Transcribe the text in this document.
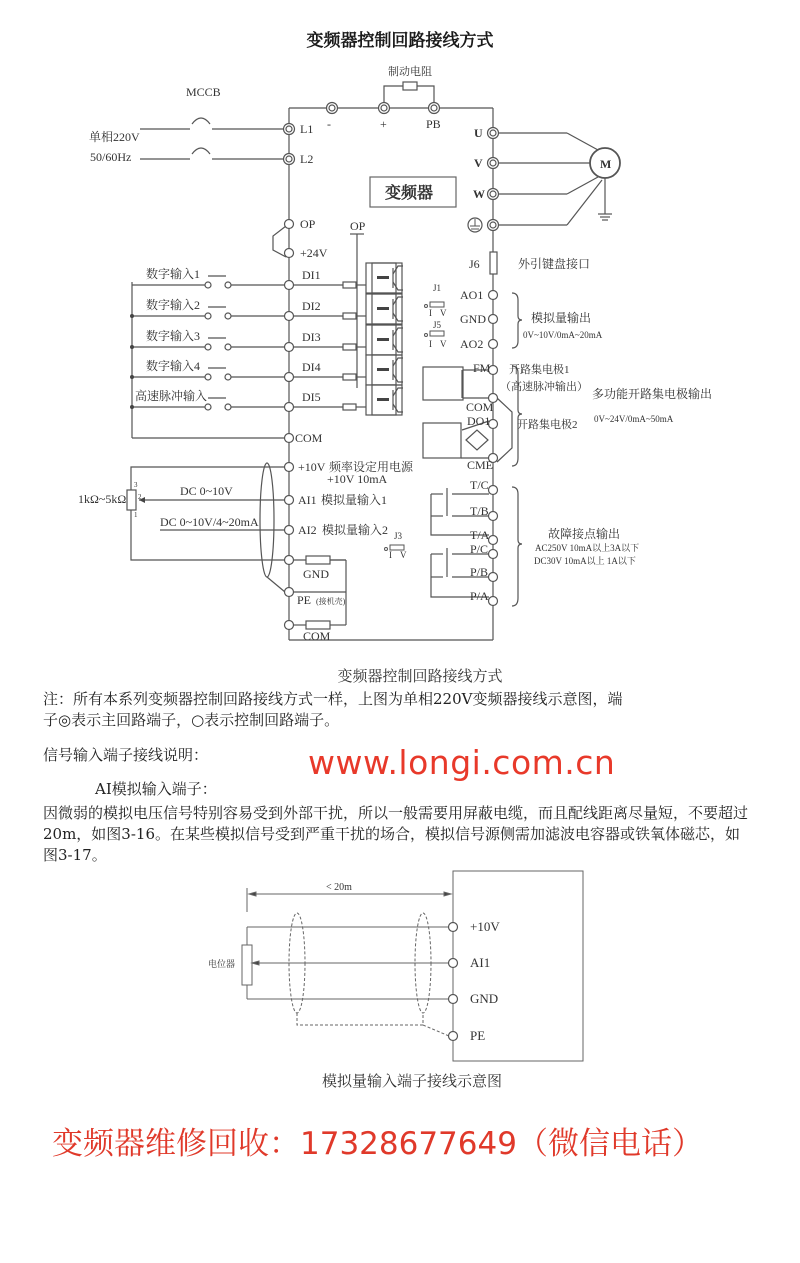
变频器控制回路接线方式
MCCB
单相220V
50/60Hz
制动电阻
L1
L2
-	+	PB
变频器
U
V
W
M
J6	外引键盘接口
OP
+24V
OP
数字输入1
数字输入2
数字输入3
数字输入4
高速脉冲输入
DI1
DI2
DI3
DI4
DI5
COM
J1
I V
J5
I V
AO1
GND
AO2
模拟量输出
0V~10V/0mA~20mA
FM
COM
DO1
CME
开路集电极1
（高速脉冲输出）
开路集电极2
多功能开路集电极输出
0V~24V/0mA~50mA
+10V 频率设定用电源
+10V 10mA
AI1 模拟量输入1
DC 0~10V
AI2 模拟量输入2
DC 0~10V/4~20mA
1kΩ~5kΩ
3
2
1
J3
I V
GND
PE (接机壳)
COM
T/C
T/B
T/A
P/C
P/B
P/A
故障接点输出
AC250V 10mA以上3A以下
DC30V 10mA以上 1A以下
变频器控制回路接线方式
注：所有本系列变频器控制回路接线方式一样，上图为单相220V变频器接线示意图，端
子◎表示主回路端子，○表示控制回路端子。
信号输入端子接线说明：	www.longi.com.cn
AI模拟输入端子：
因微弱的模拟电压信号特别容易受到外部干扰，所以一般需要用屏蔽电缆，而且配线距离尽量短，不要超过20m，如图3-16。在某些模拟信号受到严重干扰的场合，模拟信号源侧需加滤波电容器或铁氧体磁芯，如图3-17。
< 20m
电位器
+10V
AI1
GND
PE
模拟量输入端子接线示意图
变频器维修回收：17328677649（微信电话）
